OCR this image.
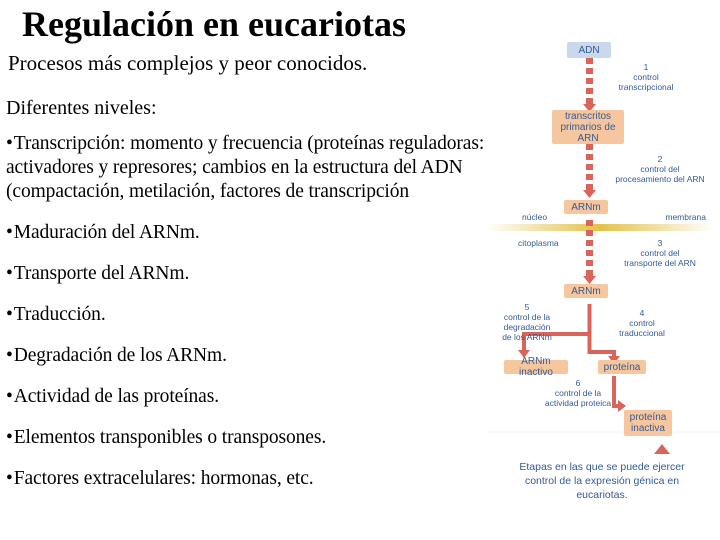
Regulación en eucariotas

Procesos más complejos y peor conocidos.

Diferentes niveles:

•Transcripción: momento y frecuencia (proteínas reguladoras: activadores y represores; cambios en la estructura del ADN (compactación, metilación, factores de transcripción
•Maduración del ARNm.
•Transporte del ARNm.
•Traducción.
•Degradación de los ARNm.
•Actividad de las proteínas.
•Elementos transponibles o transposones.
•Factores extracelulares: hormonas, etc.
ADN
1
control
transcripcional
transcritos primarios de ARN
2
control del
procesamiento del ARN
ARNm
núcleo	membrana
citoplasma	3
control del
transporte del ARN
ARNm
4
control
traduccional
5
control de la
degradación
de los ARNm
ARNm inactivo	proteína
6
control de la
actividad proteica
proteína inactiva
Etapas en las que se puede ejercer
control de la expresión génica en
eucariotas.
